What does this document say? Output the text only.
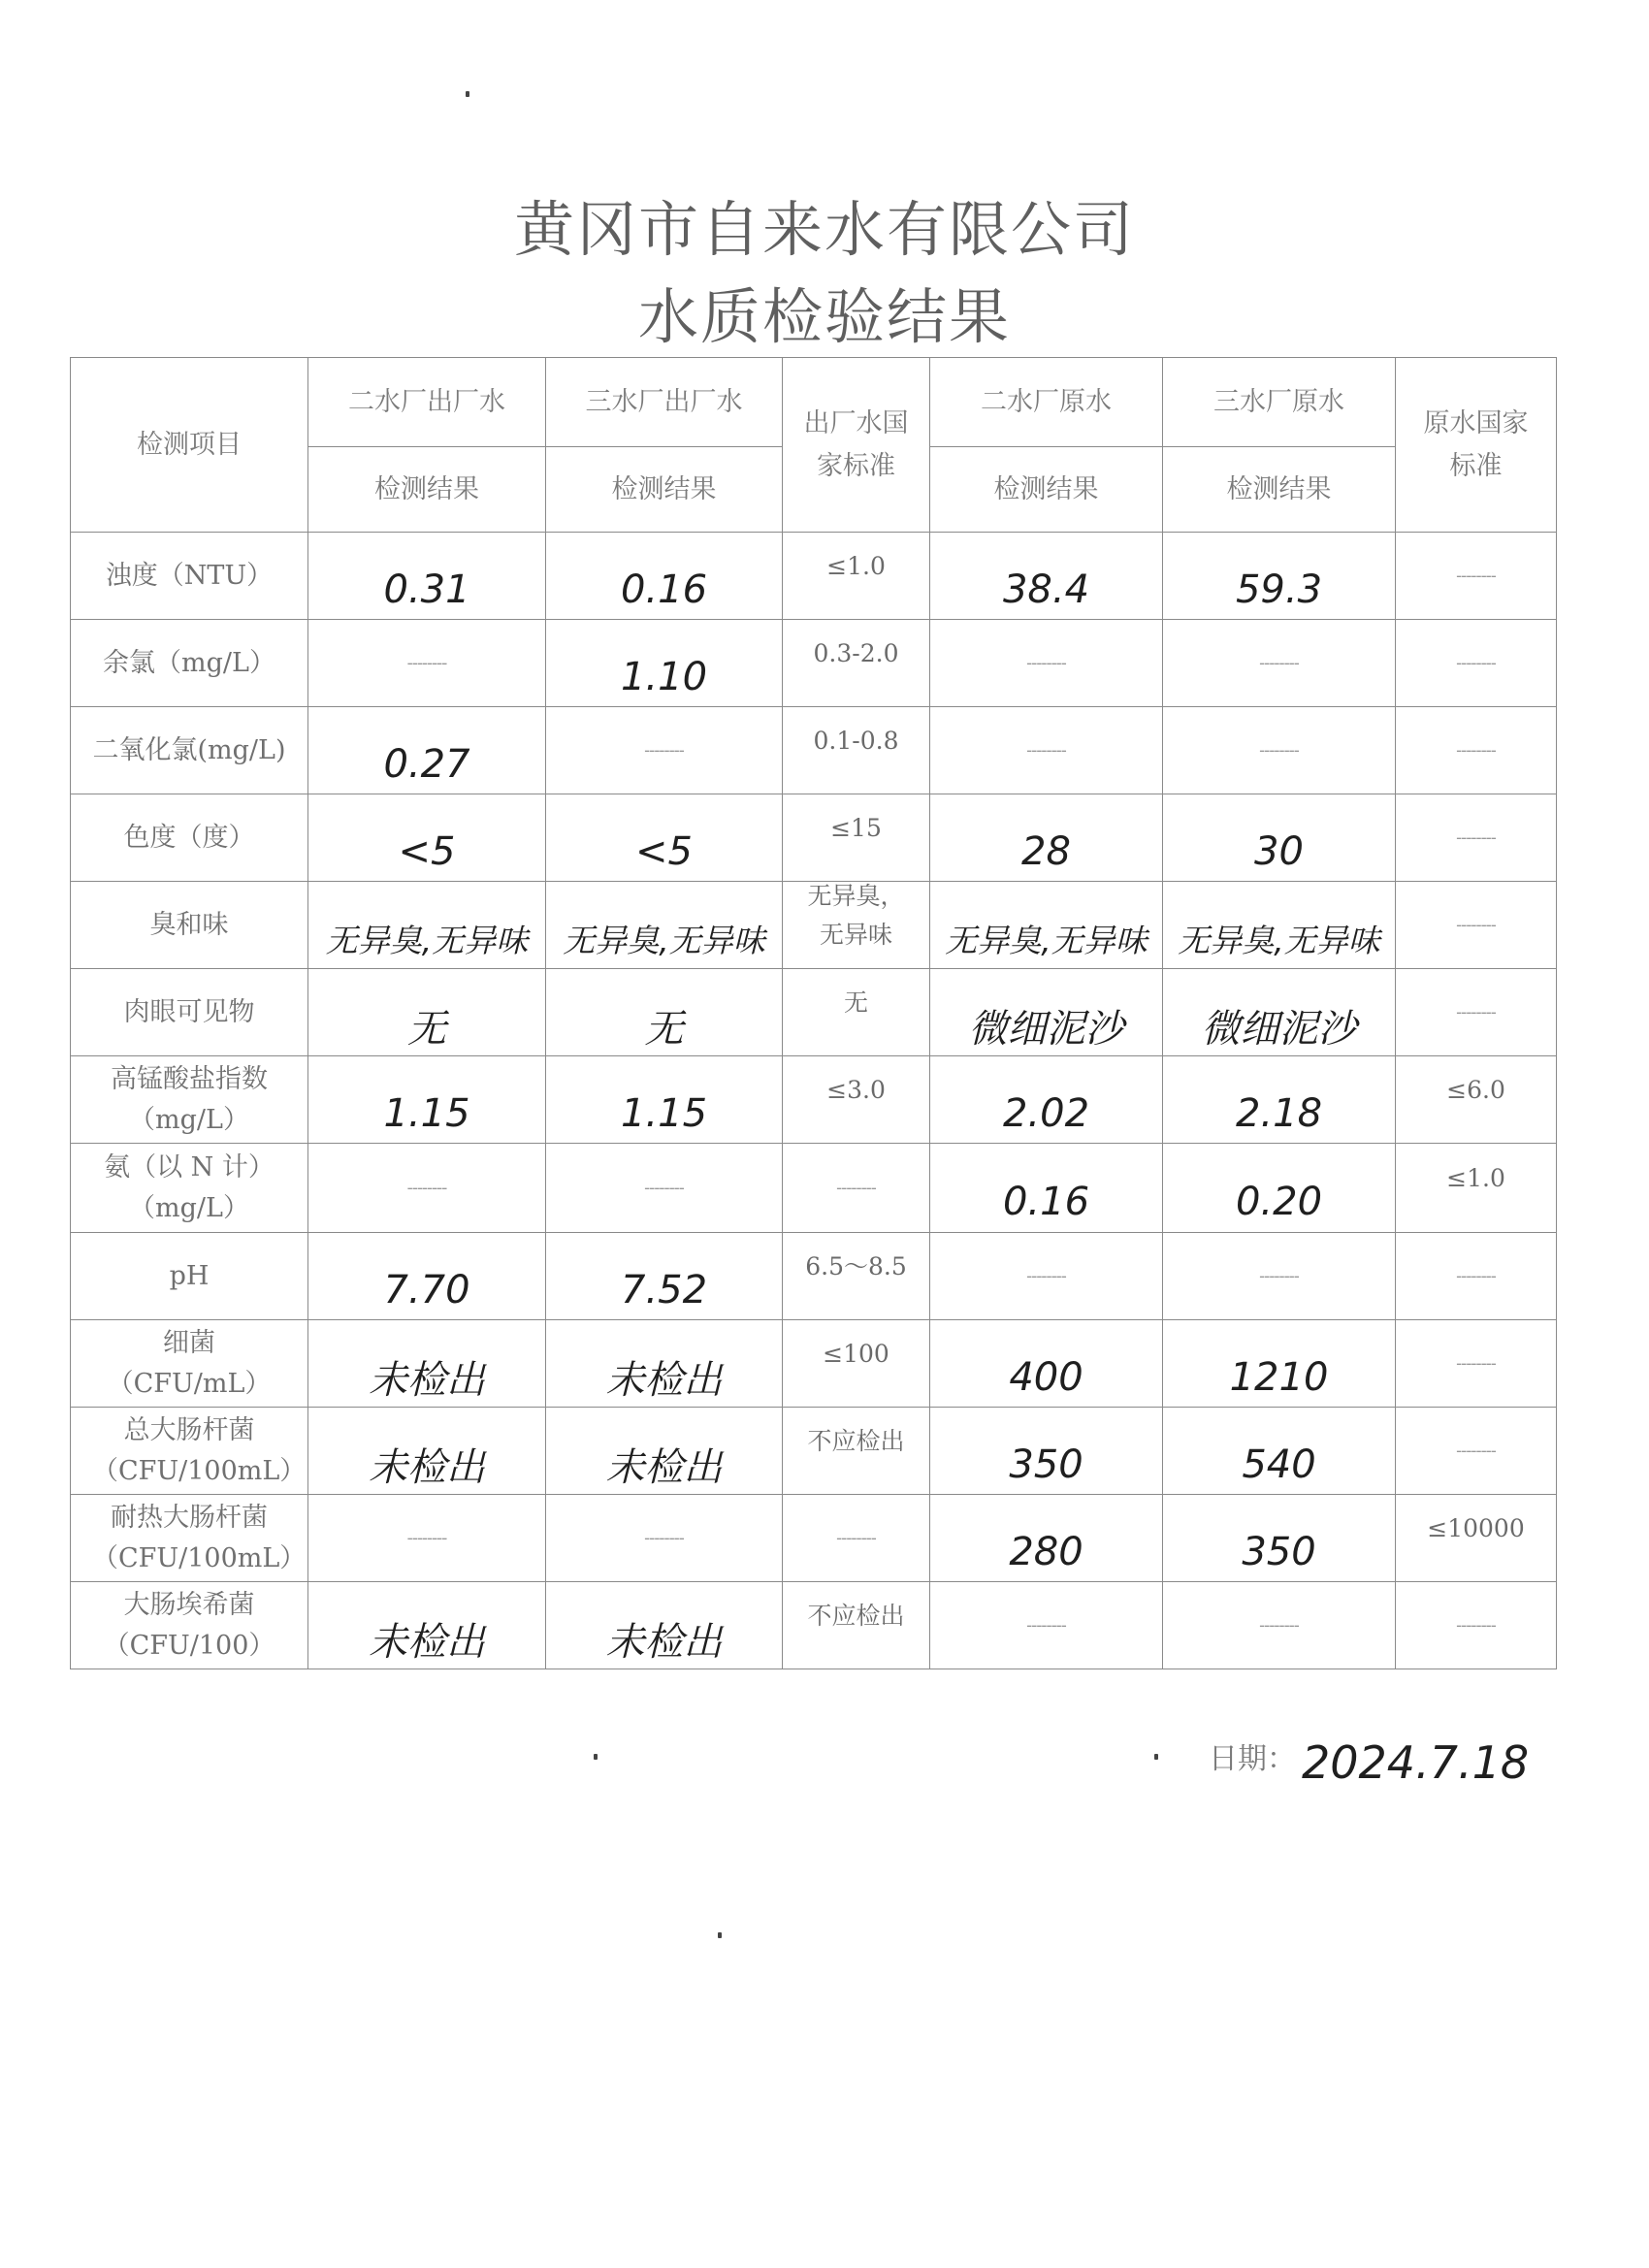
黄冈市自来水有限公司
水质检验结果
检测项目	二水厂出厂水	三水厂出厂水	出厂水国家标准	二水厂原水	三水厂原水	原水国家标准
	检测结果	检测结果		检测结果	检测结果	
浊度（NTU）	0.31	0.16	≤1.0	38.4	59.3	--------
余氯（mg/L）	--------	1.10	0.3-2.0	--------	--------	--------
二氧化氯(mg/L)	0.27	--------	0.1-0.8	--------	--------	--------
色度（度）	<5	<5	≤15	28	30	--------
臭和味	无异臭,无异味	无异臭,无异味	无异臭，无异味	无异臭,无异味	无异臭,无异味	--------
肉眼可见物	无	无	无	微细泥沙	微细泥沙	--------
高锰酸盐指数（mg/L）	1.15	1.15	≤3.0	2.02	2.18	≤6.0
氨（以 N 计）（mg/L）	--------	--------	--------	0.16	0.20	≤1.0
pH	7.70	7.52	6.5～8.5	--------	--------	--------
细菌（CFU/mL）	未检出	未检出	≤100	400	1210	--------
总大肠杆菌（CFU/100mL）	未检出	未检出	不应检出	350	540	--------
耐热大肠杆菌（CFU/100mL）	--------	--------	--------	280	350	≤10000
大肠埃希菌（CFU/100）	未检出	未检出	不应检出	--------	--------	--------
日期： 2024.7.18
